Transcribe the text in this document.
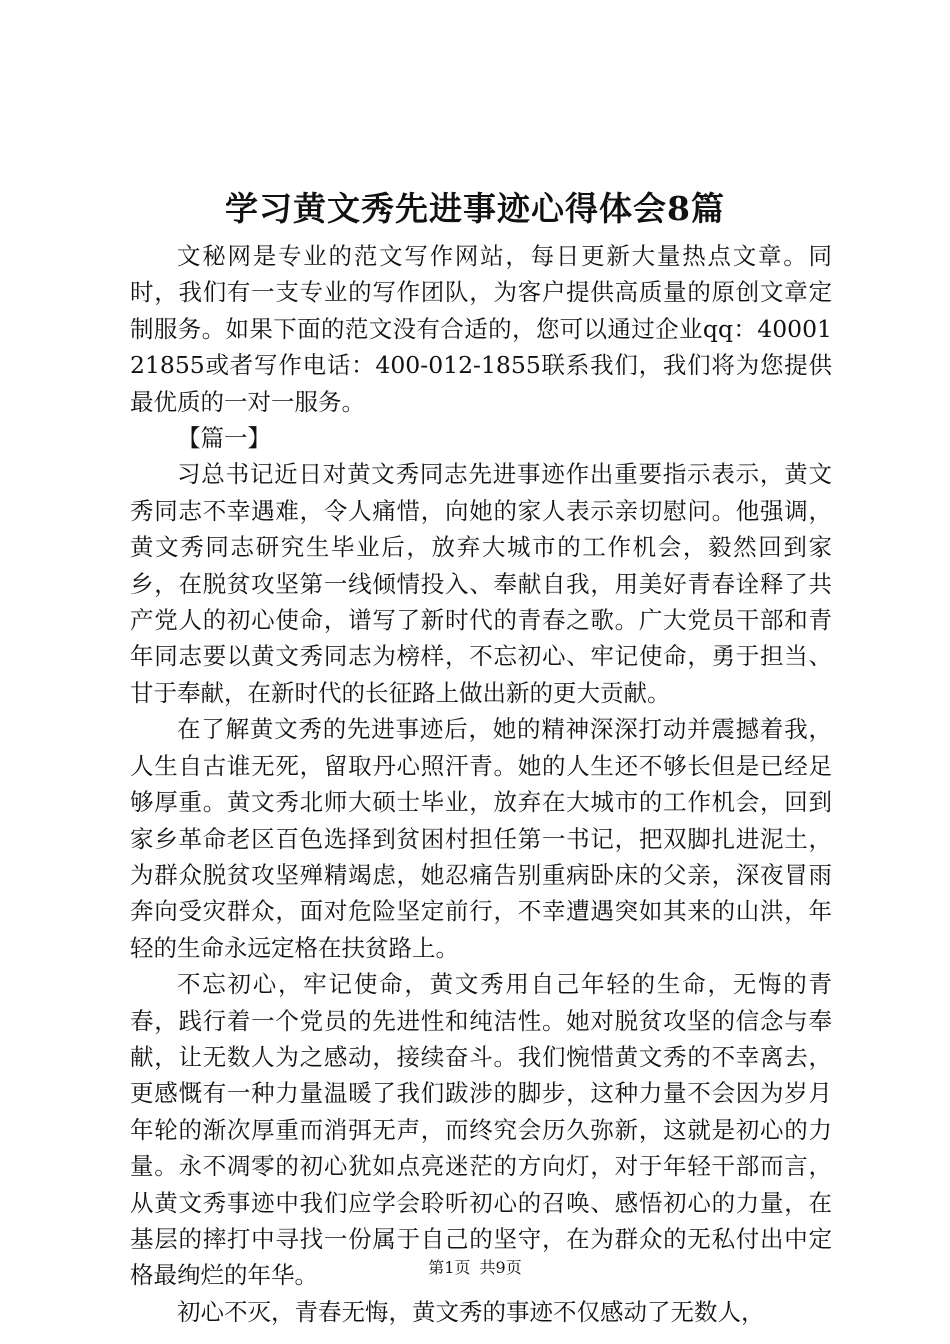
学习黄文秀先进事迹心得体会8篇

文秘网是专业的范文写作网站，每日更新大量热点文章。同时，我们有一支专业的写作团队，为客户提供高质量的原创文章定制服务。如果下面的范文没有合适的，您可以通过企业qq：4000121855或者写作电话：400-012-1855联系我们，我们将为您提供最优质的一对一服务。

【篇一】

习总书记近日对黄文秀同志先进事迹作出重要指示表示，黄文秀同志不幸遇难，令人痛惜，向她的家人表示亲切慰问。他强调，黄文秀同志研究生毕业后，放弃大城市的工作机会，毅然回到家乡，在脱贫攻坚第一线倾情投入、奉献自我，用美好青春诠释了共产党人的初心使命，谱写了新时代的青春之歌。广大党员干部和青年同志要以黄文秀同志为榜样，不忘初心、牢记使命，勇于担当、甘于奉献，在新时代的长征路上做出新的更大贡献。

在了解黄文秀的先进事迹后，她的精神深深打动并震撼着我，人生自古谁无死，留取丹心照汗青。她的人生还不够长但是已经足够厚重。黄文秀北师大硕士毕业，放弃在大城市的工作机会，回到家乡革命老区百色选择到贫困村担任第一书记，把双脚扎进泥土，为群众脱贫攻坚殚精竭虑，她忍痛告别重病卧床的父亲，深夜冒雨奔向受灾群众，面对危险坚定前行，不幸遭遇突如其来的山洪，年轻的生命永远定格在扶贫路上。

不忘初心，牢记使命，黄文秀用自己年轻的生命，无悔的青春，践行着一个党员的先进性和纯洁性。她对脱贫攻坚的信念与奉献，让无数人为之感动，接续奋斗。我们惋惜黄文秀的不幸离去，更感慨有一种力量温暖了我们跋涉的脚步，这种力量不会因为岁月年轮的渐次厚重而消弭无声，而终究会历久弥新，这就是初心的力量。永不凋零的初心犹如点亮迷茫的方向灯，对于年轻干部而言，从黄文秀事迹中我们应学会聆听初心的召唤、感悟初心的力量，在基层的摔打中寻找一份属于自己的坚守，在为群众的无私付出中定格最绚烂的年华。

初心不灭，青春无悔，黄文秀的事迹不仅感动了无数人，

第1页 共9页
